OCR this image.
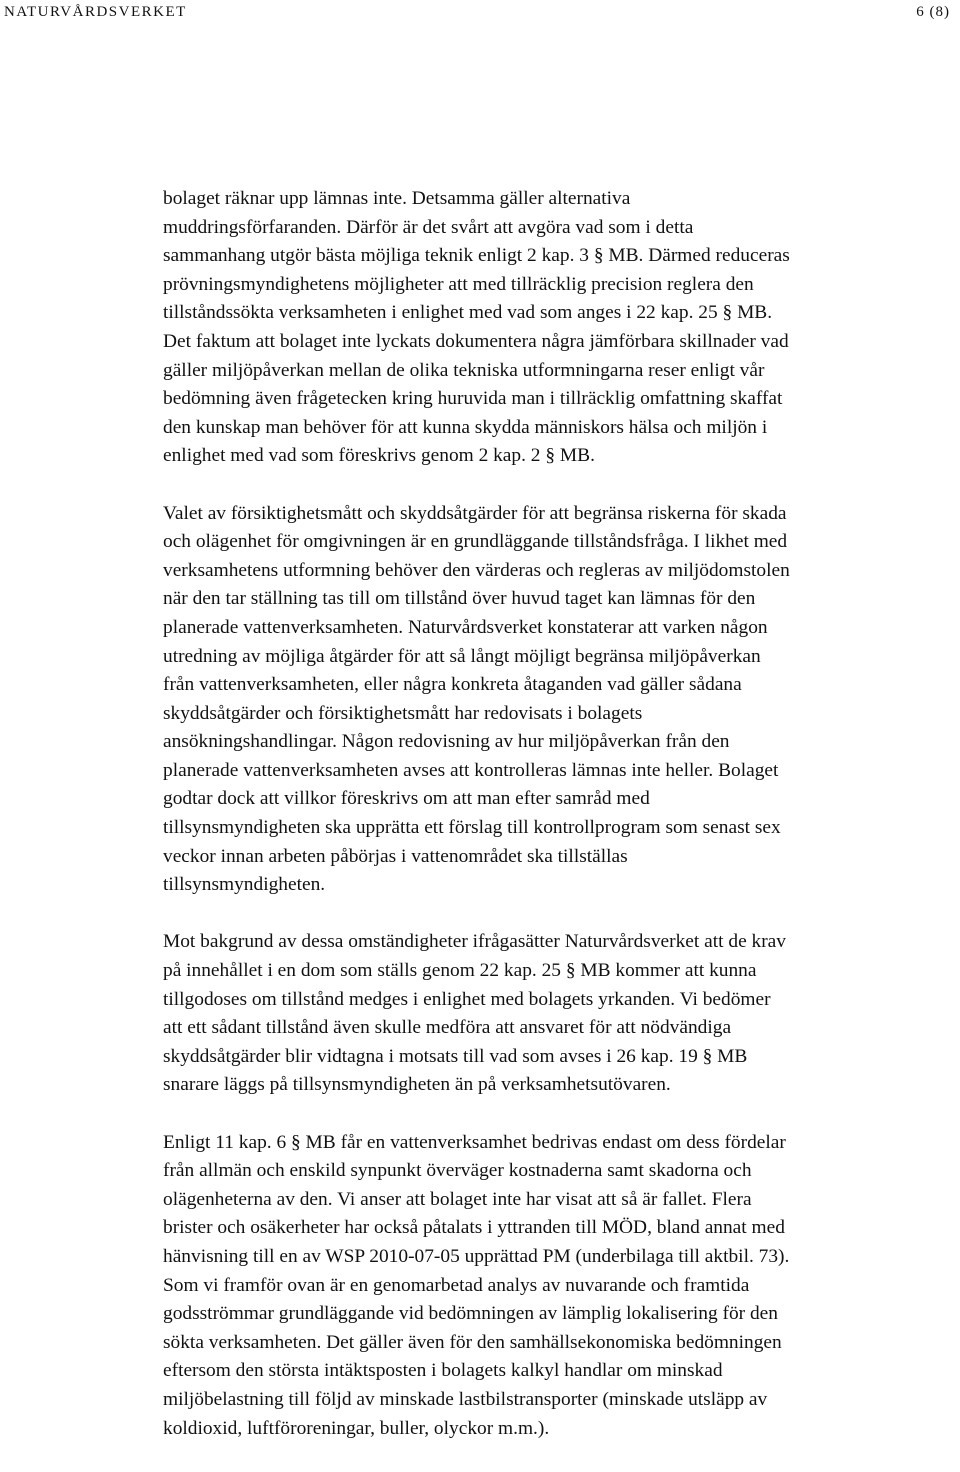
NATURVÅRDSVERKET	6 (8)
bolaget räknar upp lämnas inte. Detsamma gäller alternativa
muddringsförfaranden. Därför är det svårt att avgöra vad som i detta
sammanhang utgör bästa möjliga teknik enligt 2 kap. 3 § MB. Därmed reduceras
prövningsmyndighetens möjligheter att med tillräcklig precision reglera den
tillståndssökta verksamheten i enlighet med vad som anges i 22 kap. 25 § MB.
Det faktum att bolaget inte lyckats dokumentera några jämförbara skillnader vad
gäller miljöpåverkan mellan de olika tekniska utformningarna reser enligt vår
bedömning även frågetecken kring huruvida man i tillräcklig omfattning skaffat
den kunskap man behöver för att kunna skydda människors hälsa och miljön i
enlighet med vad som föreskrivs genom 2 kap. 2 § MB.
Valet av försiktighetsmått och skyddsåtgärder för att begränsa riskerna för skada
och olägenhet för omgivningen är en grundläggande tillståndsfråga. I likhet med
verksamhetens utformning behöver den värderas och regleras av miljödomstolen
när den tar ställning tas till om tillstånd över huvud taget kan lämnas för den
planerade vattenverksamheten. Naturvårdsverket konstaterar att varken någon
utredning av möjliga åtgärder för att så långt möjligt begränsa miljöpåverkan
från vattenverksamheten, eller några konkreta åtaganden vad gäller sådana
skyddsåtgärder och försiktighetsmått har redovisats i bolagets
ansökningshandlingar. Någon redovisning av hur miljöpåverkan från den
planerade vattenverksamheten avses att kontrolleras lämnas inte heller. Bolaget
godtar dock att villkor föreskrivs om att man efter samråd med
tillsynsmyndigheten ska upprätta ett förslag till kontrollprogram som senast sex
veckor innan arbeten påbörjas i vattenområdet ska tillställas
tillsynsmyndigheten.
Mot bakgrund av dessa omständigheter ifrågasätter Naturvårdsverket att de krav
på innehållet i en dom som ställs genom 22 kap. 25 § MB kommer att kunna
tillgodoses om tillstånd medges i enlighet med bolagets yrkanden. Vi bedömer
att ett sådant tillstånd även skulle medföra att ansvaret för att nödvändiga
skyddsåtgärder blir vidtagna i motsats till vad som avses i 26 kap. 19 § MB
snarare läggs på tillsynsmyndigheten än på verksamhetsutövaren.
Enligt 11 kap. 6 § MB får en vattenverksamhet bedrivas endast om dess fördelar
från allmän och enskild synpunkt överväger kostnaderna samt skadorna och
olägenheterna av den. Vi anser att bolaget inte har visat att så är fallet. Flera
brister och osäkerheter har också påtalats i yttranden till MÖD, bland annat med
hänvisning till en av WSP 2010-07-05 upprättad PM (underbilaga till aktbil. 73).
Som vi framför ovan är en genomarbetad analys av nuvarande och framtida
godsströmmar grundläggande vid bedömningen av lämplig lokalisering för den
sökta verksamheten. Det gäller även för den samhällsekonomiska bedömningen
eftersom den största intäktsposten i bolagets kalkyl handlar om minskad
miljöbelastning till följd av minskade lastbilstransporter (minskade utsläpp av
koldioxid, luftföroreningar, buller, olyckor m.m.).
